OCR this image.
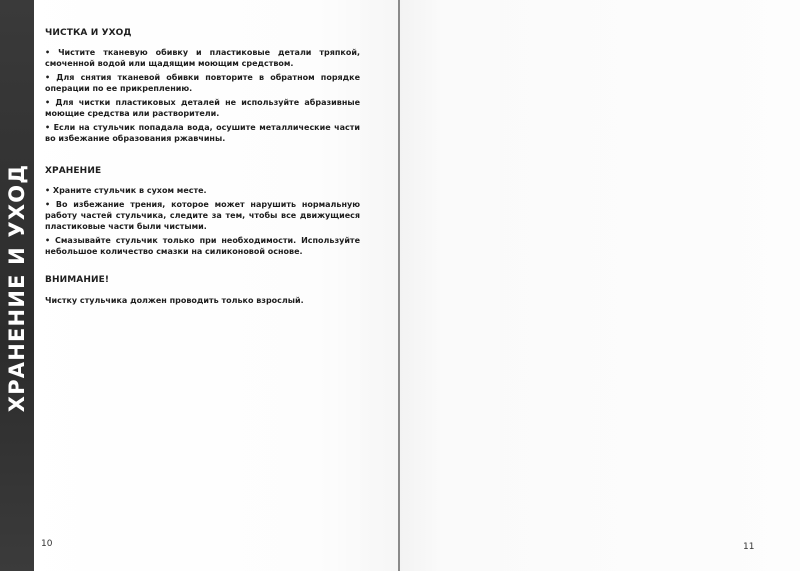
ХРАНЕНИЕ И УХОД
ЧИСТКА И УХОД
• Чистите тканевую обивку и пластиковые детали тряпкой, смоченной водой или щадящим моющим средством.
• Для снятия тканевой обивки повторите в обратном порядке операции по ее прикреплению.
• Для чистки пластиковых деталей не используйте абразивные моющие средства или растворители.
• Если на стульчик попадала вода, осушите металлические части во избежание образования ржавчины.
ХРАНЕНИЕ
• Храните стульчик в сухом месте.
• Во избежание трения, которое может нарушить нормальную работу частей стульчика, следите за тем, чтобы все движущиеся пластиковые части были чистыми.
• Смазывайте стульчик только при необходимости. Используйте небольшое количество смазки на силиконовой основе.
ВНИМАНИЕ!

Чистку стульчика должен проводить только взрослый.

10	11
